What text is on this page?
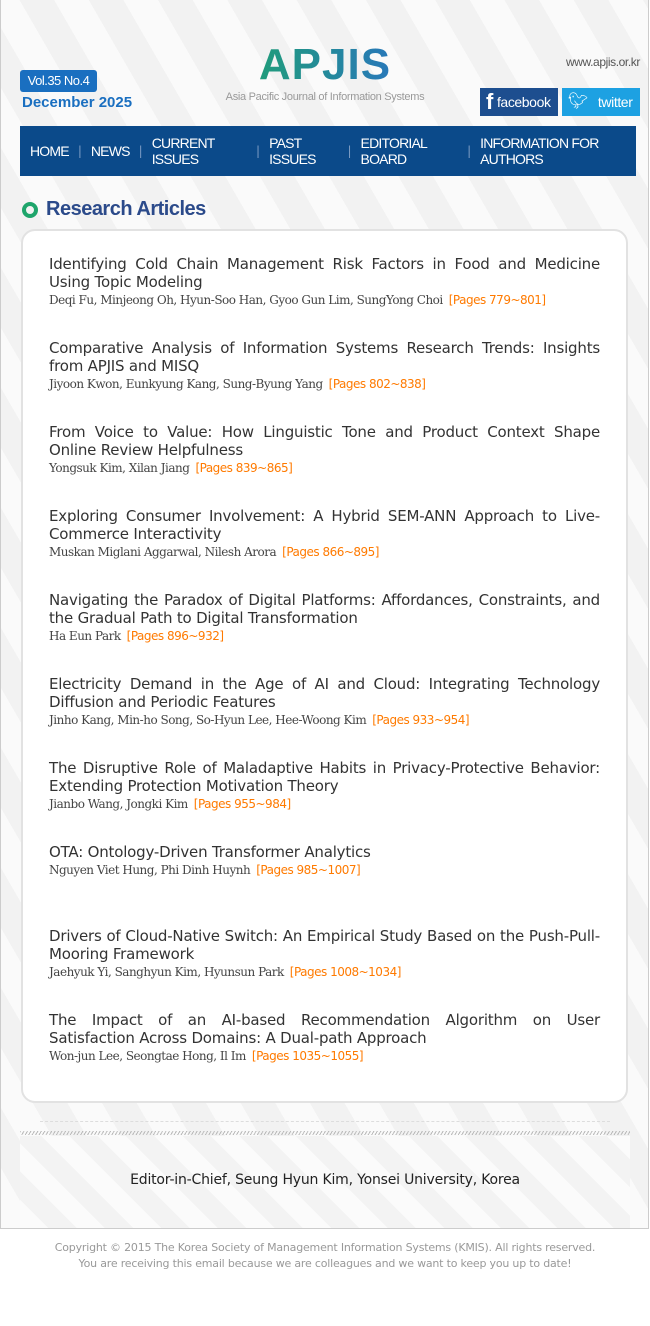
Vol.35 No.4
December 2025
APJIS
Asia Pacific Journal of Information Systems
www.apjis.or.kr
f facebook 🐦︎ twitter
HOME | NEWS | CURRENT ISSUES	| PAST ISSUES	| EDITORIAL BOARD	| INFORMATION FOR AUTHORS
Research Articles
Identifying Cold Chain Management Risk Factors in Food and Medicine Using Topic Modeling
Deqi Fu, Minjeong Oh, Hyun-Soo Han, Gyoo Gun Lim, SungYong Choi [Pages 779~801]
Comparative Analysis of Information Systems Research Trends: Insights from APJIS and MISQ
Jiyoon Kwon, Eunkyung Kang, Sung-Byung Yang [Pages 802~838]
From Voice to Value: How Linguistic Tone and Product Context Shape Online Review Helpfulness
Yongsuk Kim, Xilan Jiang [Pages 839~865]
Exploring Consumer Involvement: A Hybrid SEM-ANN Approach to Live-Commerce Interactivity
Muskan Miglani Aggarwal, Nilesh Arora [Pages 866~895]
Navigating the Paradox of Digital Platforms: Affordances, Constraints, and the Gradual Path to Digital Transformation
Ha Eun Park [Pages 896~932]
Electricity Demand in the Age of AI and Cloud: Integrating Technology Diffusion and Periodic Features
Jinho Kang, Min-ho Song, So-Hyun Lee, Hee-Woong Kim [Pages 933~954]
The Disruptive Role of Maladaptive Habits in Privacy-Protective Behavior: Extending Protection Motivation Theory
Jianbo Wang, Jongki Kim [Pages 955~984]
OTA: Ontology-Driven Transformer Analytics
Nguyen Viet Hung, Phi Dinh Huynh [Pages 985~1007]
Drivers of Cloud-Native Switch: An Empirical Study Based on the Push-Pull-Mooring Framework
Jaehyuk Yi, Sanghyun Kim, Hyunsun Park [Pages 1008~1034]
The Impact of an AI-based Recommendation Algorithm on User Satisfaction Across Domains: A Dual-path Approach
Won-jun Lee, Seongtae Hong, Il Im [Pages 1035~1055]
Editor-in-Chief, Seung Hyun Kim, Yonsei University, Korea
Copyright © 2015 The Korea Society of Management Information Systems (KMIS). All rights reserved.
You are receiving this email because we are colleagues and we want to keep you up to date!
